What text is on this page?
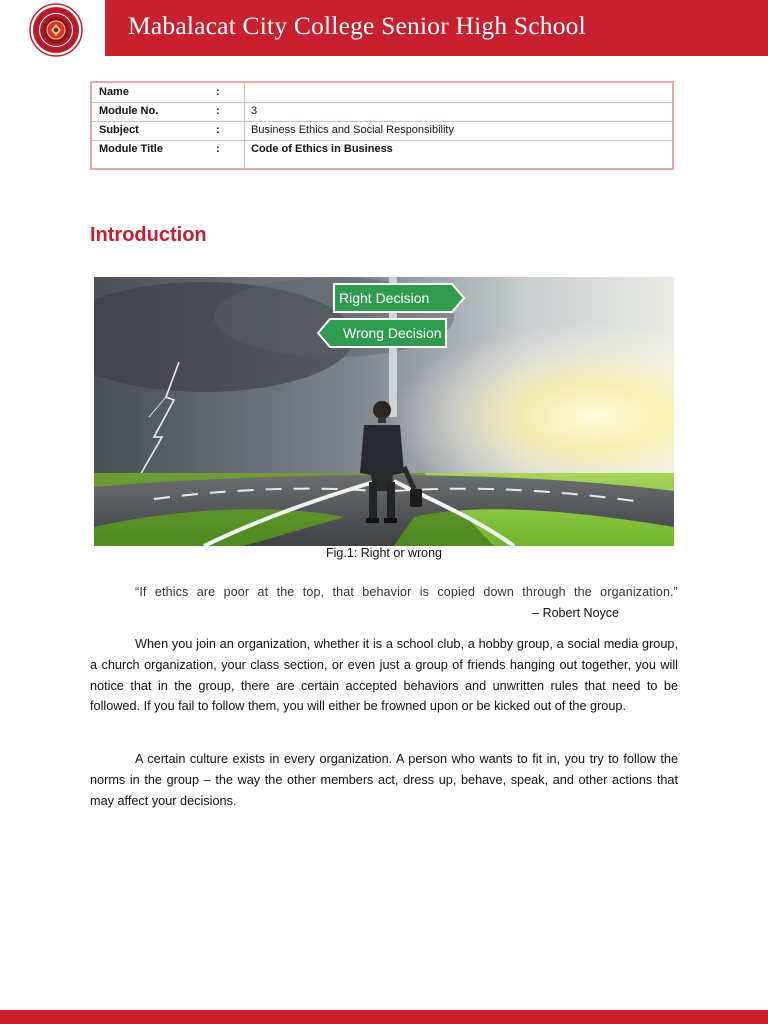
Mabalacat City College Senior High School
Name	:
Module No.	:	3
Subject	:	Business Ethics and Social Responsibility
Module Title	:	Code of Ethics in Business
Introduction
Right Decision
Wrong Decision
Fig.1: Right or wrong
“If ethics are poor at the top, that behavior is copied down through the organization.”
– Robert Noyce

When you join an organization, whether it is a school club, a hobby group, a social media group, a church organization, your class section, or even just a group of friends hanging out together, you will notice that in the group, there are certain accepted behaviors and unwritten rules that need to be followed. If you fail to follow them, you will either be frowned upon or be kicked out of the group.

A certain culture exists in every organization. A person who wants to fit in, you try to follow the norms in the group – the way the other members act, dress up, behave, speak, and other actions that may affect your decisions.
